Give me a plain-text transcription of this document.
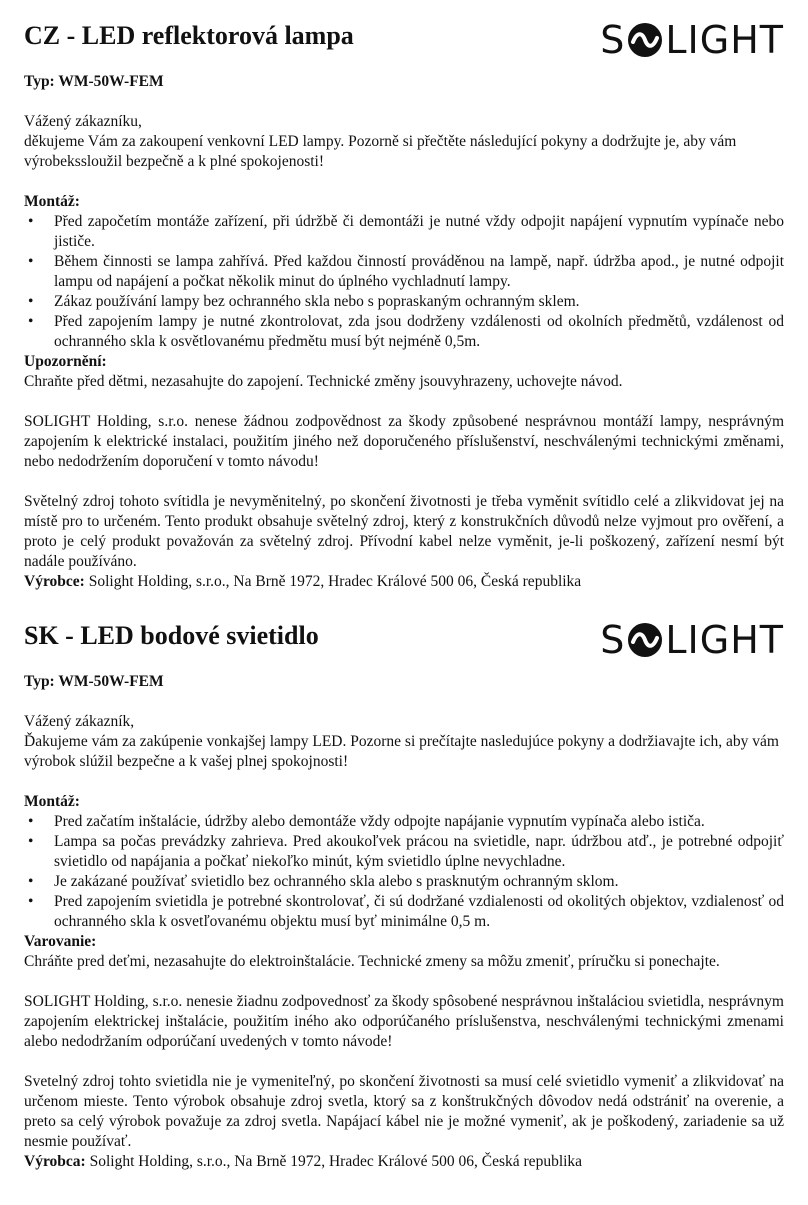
CZ - LED reflektorová lampa	S LIGHT
Typ: WM-50W-FEM

Vážený zákazníku,

děkujeme Vám za zakoupení venkovní LED lampy. Pozorně si přečtěte následující pokyny a dodržujte je, aby vám výrobekssloužil bezpečně a k plné spokojenosti!

Montáž:
• Před započetím montáže zařízení, při údržbě či demontáži je nutné vždy odpojit napájení vypnutím vypínače nebo jističe.
• Během činnosti se lampa zahřívá. Před každou činností prováděnou na lampě, např. údržba apod., je nutné odpojit lampu od napájení a počkat několik minut do úplného vychladnutí lampy.
• Zákaz používání lampy bez ochranného skla nebo s popraskaným ochranným sklem.
• Před zapojením lampy je nutné zkontrolovat, zda jsou dodrženy vzdálenosti od okolních předmětů, vzdálenost od ochranného skla k osvětlovanému předmětu musí být nejméně 0,5m.
Upozornění:

Chraňte před dětmi, nezasahujte do zapojení. Technické změny jsouvyhrazeny, uchovejte návod.

SOLIGHT Holding, s.r.o. nenese žádnou zodpovědnost za škody způsobené nesprávnou montáží lampy, nesprávným zapojením k elektrické instalaci, použitím jiného než doporučeného příslušenství, neschválenými technickými změnami, nebo nedodržením doporučení v tomto návodu!

Světelný zdroj tohoto svítidla je nevyměnitelný, po skončení životnosti je třeba vyměnit svítidlo celé a zlikvidovat jej na místě pro to určeném. Tento produkt obsahuje světelný zdroj, který z konstrukčních důvodů nelze vyjmout pro ověření, a proto je celý produkt považován za světelný zdroj. Přívodní kabel nelze vyměnit, je-li poškozený, zařízení nesmí být nadále používáno.

Výrobce: Solight Holding, s.r.o., Na Brně 1972, Hradec Králové 500 06, Česká republika

SK - LED bodové svietidlo	S LIGHT
Typ: WM-50W-FEM

Vážený zákazník,

Ďakujeme vám za zakúpenie vonkajšej lampy LED. Pozorne si prečítajte nasledujúce pokyny a dodržiavajte ich, aby vám výrobok slúžil bezpečne a k vašej plnej spokojnosti!

Montáž:
• Pred začatím inštalácie, údržby alebo demontáže vždy odpojte napájanie vypnutím vypínača alebo ističa.
• Lampa sa počas prevádzky zahrieva. Pred akoukoľvek prácou na svietidle, napr. údržbou atď., je potrebné odpojiť svietidlo od napájania a počkať niekoľko minút, kým svietidlo úplne nevychladne.
• Je zakázané používať svietidlo bez ochranného skla alebo s prasknutým ochranným sklom.
• Pred zapojením svietidla je potrebné skontrolovať, či sú dodržané vzdialenosti od okolitých objektov, vzdialenosť od ochranného skla k osvetľovanému objektu musí byť minimálne 0,5 m.
Varovanie:

Chráňte pred deťmi, nezasahujte do elektroinštalácie. Technické zmeny sa môžu zmeniť, príručku si ponechajte.

SOLIGHT Holding, s.r.o. nenesie žiadnu zodpovednosť za škody spôsobené nesprávnou inštaláciou svietidla, nesprávnym zapojením elektrickej inštalácie, použitím iného ako odporúčaného príslušenstva, neschválenými technickými zmenami alebo nedodržaním odporúčaní uvedených v tomto návode!

Svetelný zdroj tohto svietidla nie je vymeniteľný, po skončení životnosti sa musí celé svietidlo vymeniť a zlikvidovať na určenom mieste. Tento výrobok obsahuje zdroj svetla, ktorý sa z konštrukčných dôvodov nedá odstrániť na overenie, a preto sa celý výrobok považuje za zdroj svetla. Napájací kábel nie je možné vymeniť, ak je poškodený, zariadenie sa už nesmie používať.

Výrobca: Solight Holding, s.r.o., Na Brně 1972, Hradec Králové 500 06, Česká republika
